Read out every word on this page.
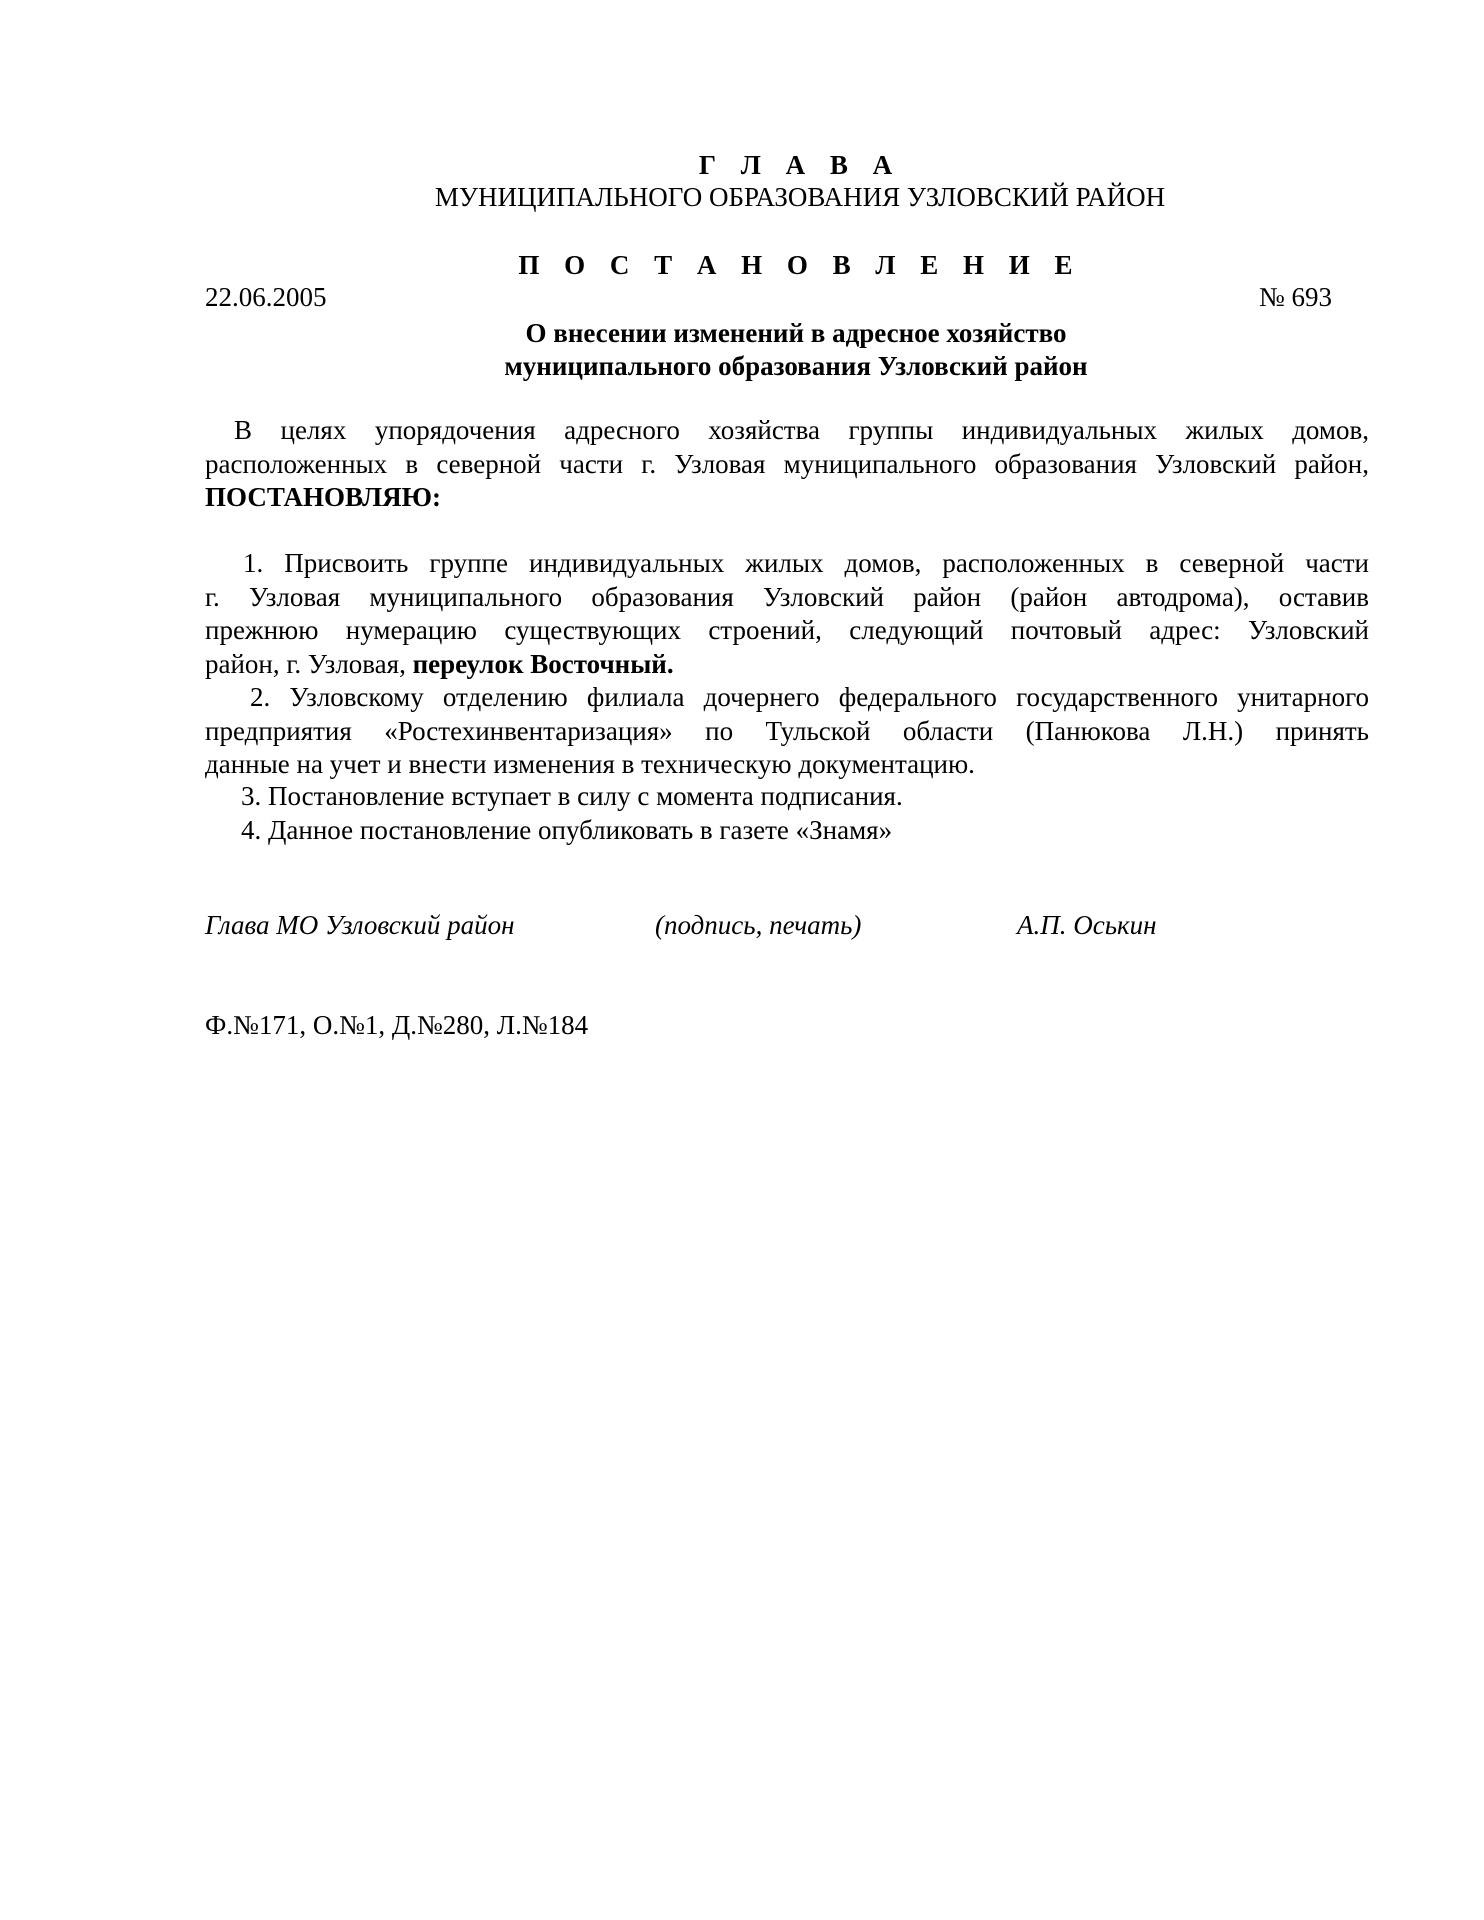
Г Л А В А
МУНИЦИПАЛЬНОГО ОБРАЗОВАНИЯ УЗЛОВСКИЙ РАЙОН
П О С Т А Н О В Л Е Н И Е
22.06.2005	№ 693
О внесении изменений в адресное хозяйство
муниципального образования Узловский район
В целях упорядочения адресного хозяйства группы индивидуальных жилых домов,
расположенных в северной части г. Узловая муниципального образования Узловский район,
ПОСТАНОВЛЯЮ:
1. Присвоить группе индивидуальных жилых домов, расположенных в северной части
г. Узловая муниципального образования Узловский район (район автодрома), оставив
прежнюю нумерацию существующих строений, следующий почтовый адрес: Узловский
район, г. Узловая, переулок Восточный.
2. Узловскому отделению филиала дочернего федерального государственного унитарного
предприятия «Ростехинвентаризация» по Тульской области (Панюкова Л.Н.) принять
данные на учет и внести изменения в техническую документацию.
3. Постановление вступает в силу с момента подписания.
4. Данное постановление опубликовать в газете «Знамя»
Глава МО Узловский район	(подпись, печать)	А.П. Оськин
Ф.№171, О.№1, Д.№280, Л.№184
